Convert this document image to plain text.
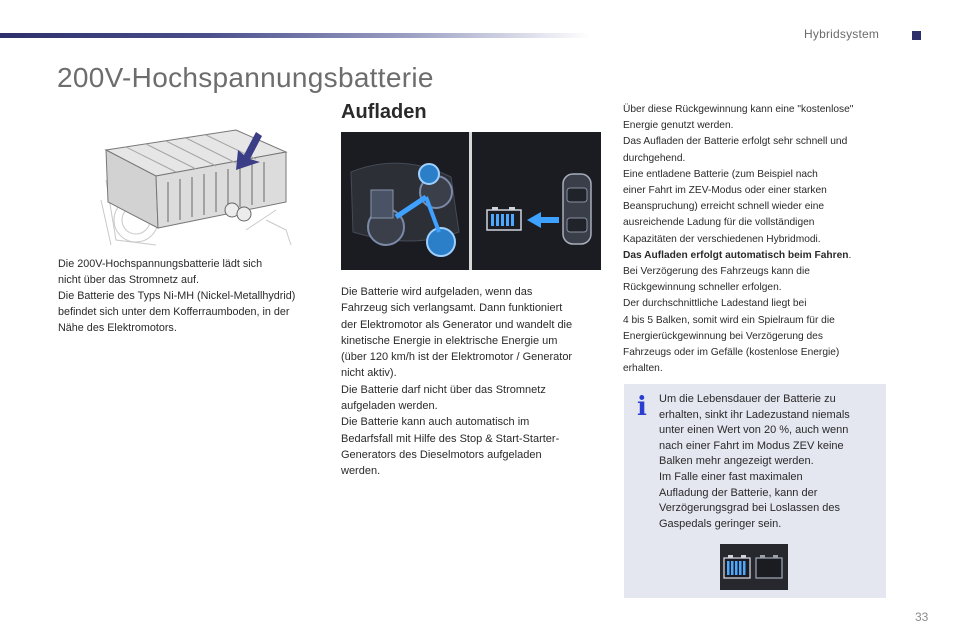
Hybridsystem
200V-Hochspannungsbatterie
Die 200V-Hochspannungsbatterie lädt sich
nicht über das Stromnetz auf.
Die Batterie des Typs Ni-MH (Nickel-Metallhydrid)
befindet sich unter dem Kofferraumboden, in der
Nähe des Elektromotors.
Aufladen
Die Batterie wird aufgeladen, wenn das
Fahrzeug sich verlangsamt. Dann funktioniert
der Elektromotor als Generator und wandelt die
kinetische Energie in elektrische Energie um
(über 120 km/h ist der Elektromotor / Generator
nicht aktiv).
Die Batterie darf nicht über das Stromnetz
aufgeladen werden.
Die Batterie kann auch automatisch im
Bedarfsfall mit Hilfe des Stop & Start-Starter-
Generators des Dieselmotors aufgeladen
werden.
Über diese Rückgewinnung kann eine "kostenlose"
Energie genutzt werden.
Das Aufladen der Batterie erfolgt sehr schnell und
durchgehend.
Eine entladene Batterie (zum Beispiel nach
einer Fahrt im ZEV-Modus oder einer starken
Beanspruchung) erreicht schnell wieder eine
ausreichende Ladung für die vollständigen
Kapazitäten der verschiedenen Hybridmodi.
Das Aufladen erfolgt automatisch beim Fahren.
Bei Verzögerung des Fahrzeugs kann die
Rückgewinnung schneller erfolgen.
Der durchschnittliche Ladestand liegt bei
4 bis 5 Balken, somit wird ein Spielraum für die
Energierückgewinnung bei Verzögerung des
Fahrzeugs oder im Gefälle (kostenlose Energie)
erhalten.
i Um die Lebensdauer der Batterie zu
erhalten, sinkt ihr Ladezustand niemals
unter einen Wert von 20 %, auch wenn
nach einer Fahrt im Modus ZEV keine
Balken mehr angezeigt werden.
Im Falle einer fast maximalen
Aufladung der Batterie, kann der
Verzögerungsgrad bei Loslassen des
Gaspedals geringer sein.
33
